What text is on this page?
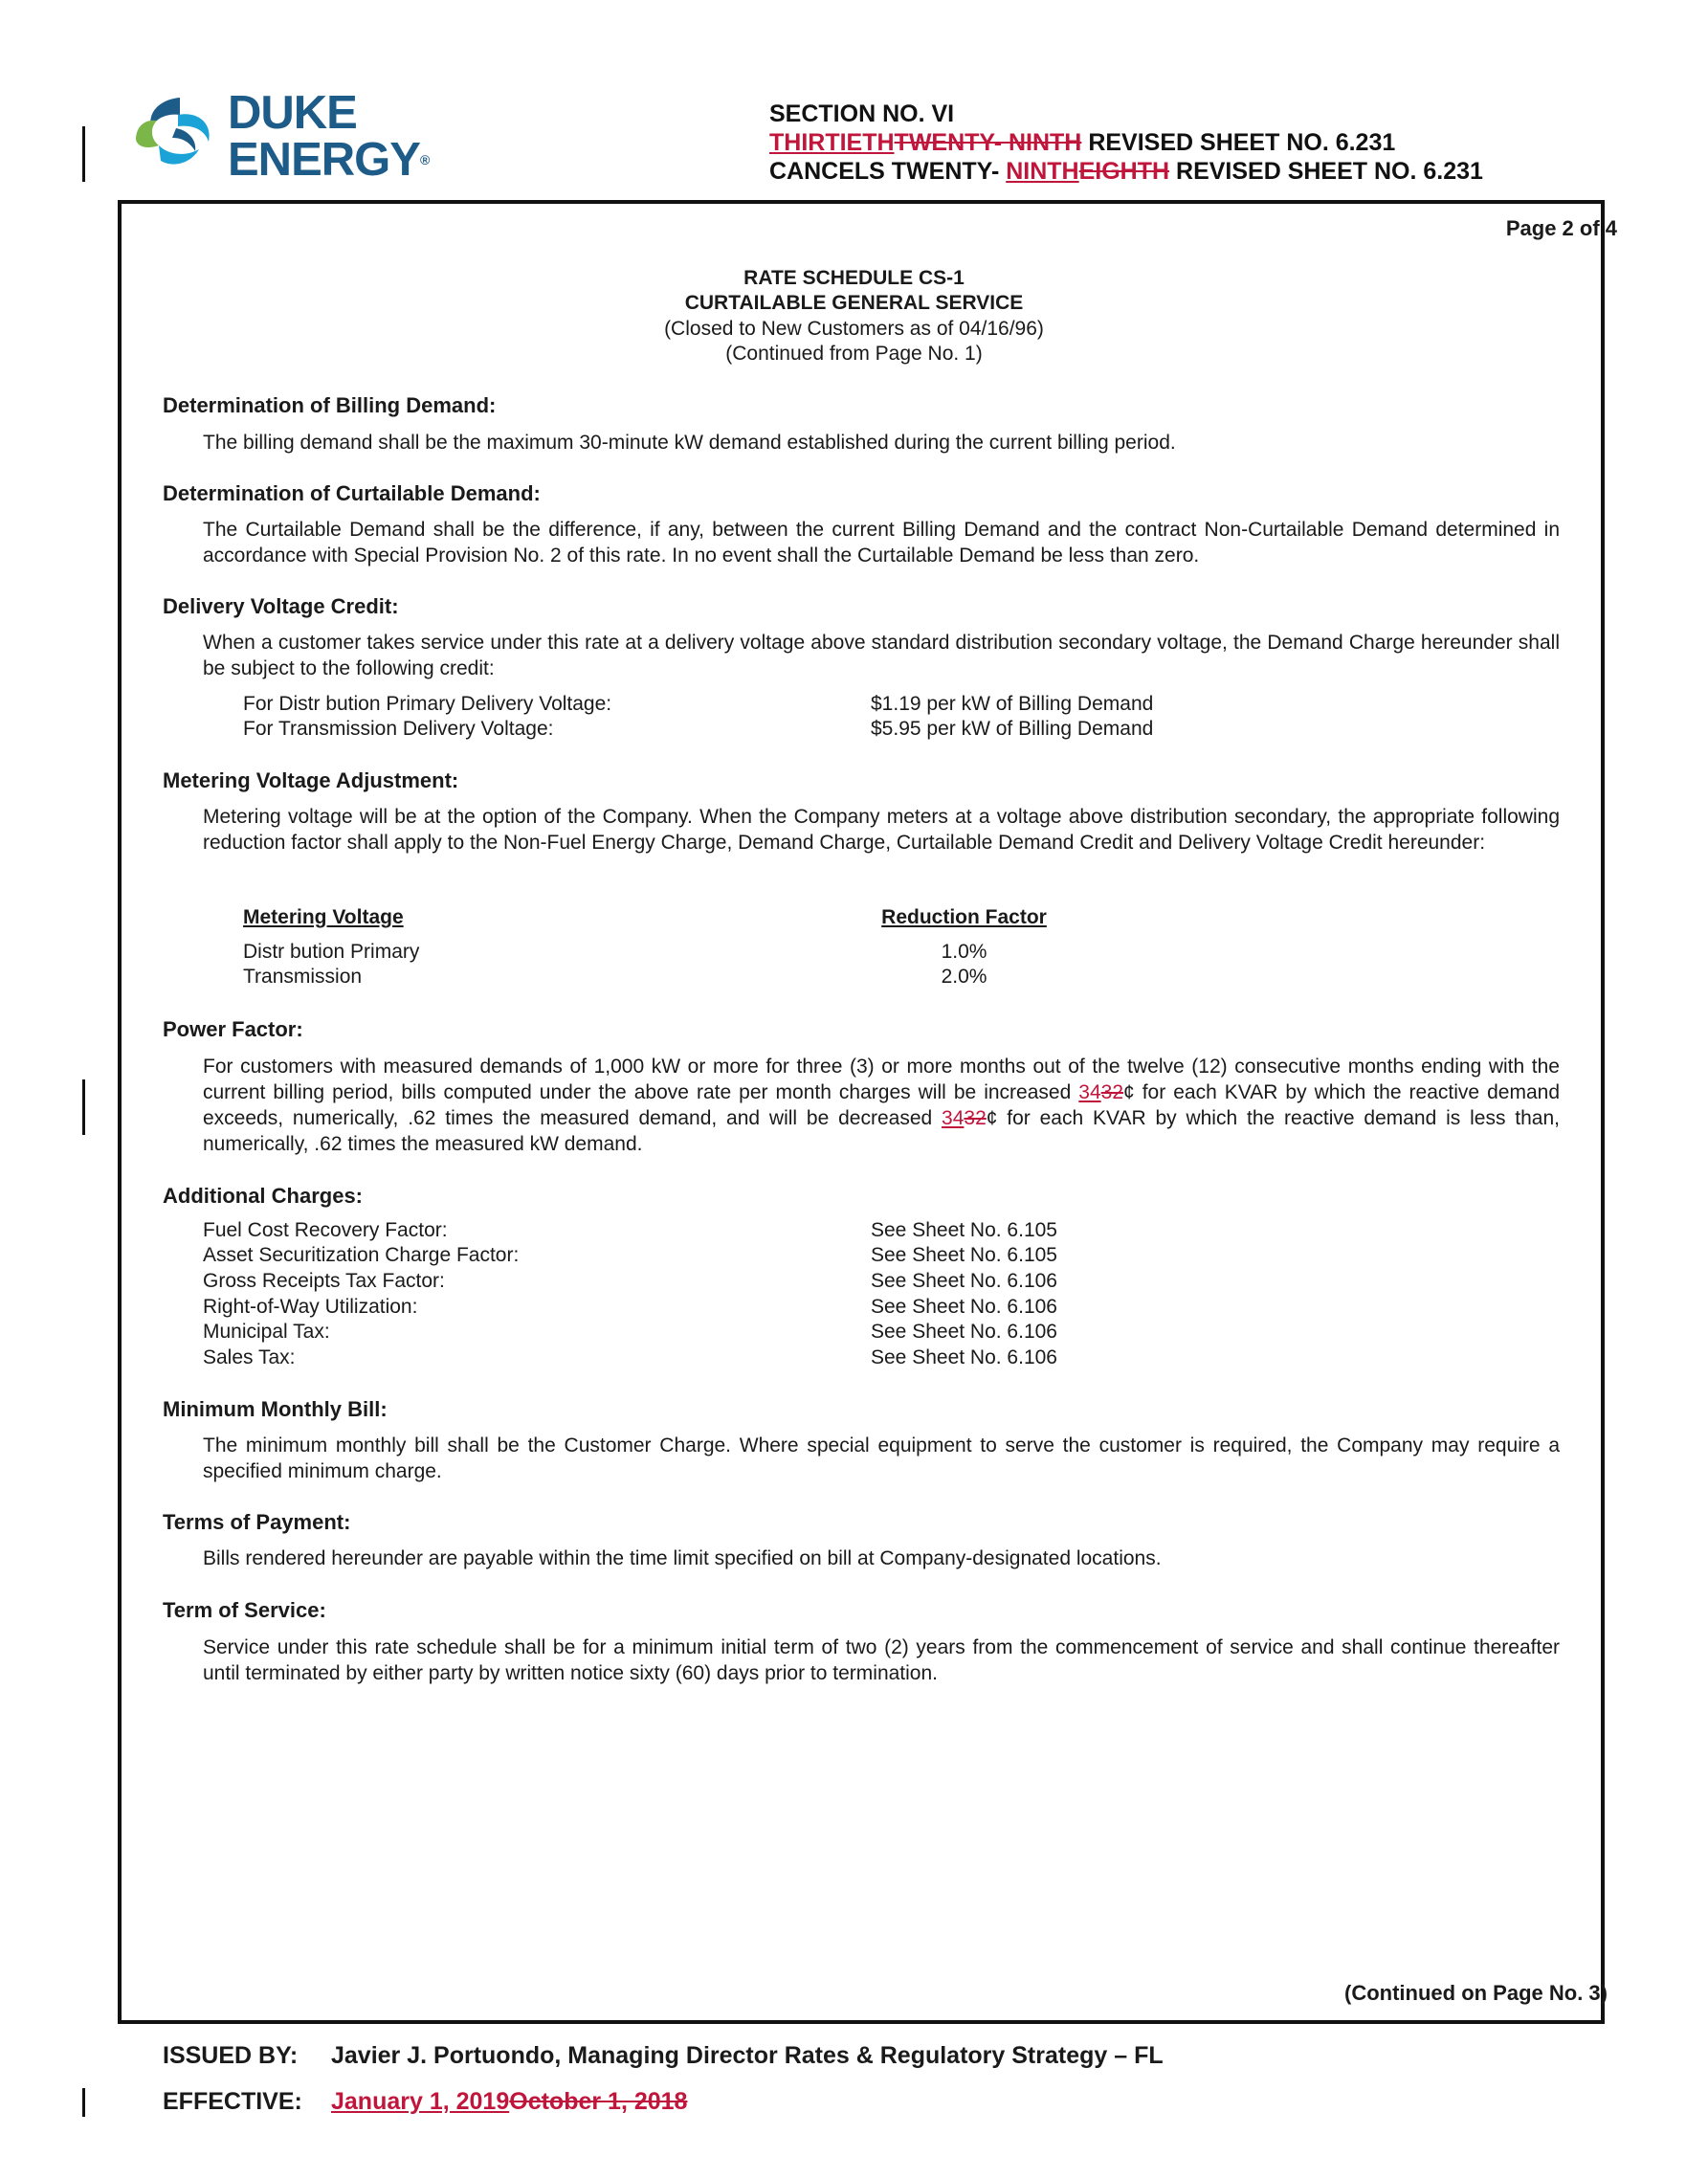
DUKE
ENERGY®
SECTION NO. VI
THIRTIETHTWENTY- NINTH REVISED SHEET NO. 6.231
CANCELS TWENTY- NINTHEIGHTH REVISED SHEET NO. 6.231
Page 2 of 4
RATE SCHEDULE CS-1
CURTAILABLE GENERAL SERVICE
(Closed to New Customers as of 04/16/96)
(Continued from Page No. 1)
Determination of Billing Demand:
The billing demand shall be the maximum 30-minute kW demand established during the current billing period.
Determination of Curtailable Demand:
The Curtailable Demand shall be the difference, if any, between the current Billing Demand and the contract Non-Curtailable Demand determined in accordance with Special Provision No. 2 of this rate. In no event shall the Curtailable Demand be less than zero.
Delivery Voltage Credit:
When a customer takes service under this rate at a delivery voltage above standard distribution secondary voltage, the Demand Charge hereunder shall be subject to the following credit:
For Distr bution Primary Delivery Voltage:	$1.19 per kW of Billing Demand
For Transmission Delivery Voltage:	$5.95 per kW of Billing Demand
Metering Voltage Adjustment:
Metering voltage will be at the option of the Company. When the Company meters at a voltage above distribution secondary, the appropriate following reduction factor shall apply to the Non-Fuel Energy Charge, Demand Charge, Curtailable Demand Credit and Delivery Voltage Credit hereunder:
Metering Voltage	Reduction Factor
Distr bution Primary	1.0%
Transmission	2.0%
Power Factor:
For customers with measured demands of 1,000 kW or more for three (3) or more months out of the twelve (12) consecutive months ending with the current billing period, bills computed under the above rate per month charges will be increased 3432¢ for each KVAR by which the reactive demand exceeds, numerically, .62 times the measured demand, and will be decreased 3432¢ for each KVAR by which the reactive demand is less than, numerically, .62 times the measured kW demand.
Additional Charges:
Fuel Cost Recovery Factor:	See Sheet No. 6.105
Asset Securitization Charge Factor:	See Sheet No. 6.105
Gross Receipts Tax Factor:	See Sheet No. 6.106
Right-of-Way Utilization:	See Sheet No. 6.106
Municipal Tax:	See Sheet No. 6.106
Sales Tax:	See Sheet No. 6.106
Minimum Monthly Bill:
The minimum monthly bill shall be the Customer Charge. Where special equipment to serve the customer is required, the Company may require a specified minimum charge.
Terms of Payment:
Bills rendered hereunder are payable within the time limit specified on bill at Company-designated locations.
Term of Service:
Service under this rate schedule shall be for a minimum initial term of two (2) years from the commencement of service and shall continue thereafter until terminated by either party by written notice sixty (60) days prior to termination.
(Continued on Page No. 3)
ISSUED BY: Javier J. Portuondo, Managing Director Rates & Regulatory Strategy – FL
EFFECTIVE: January 1, 2019October 1, 2018
